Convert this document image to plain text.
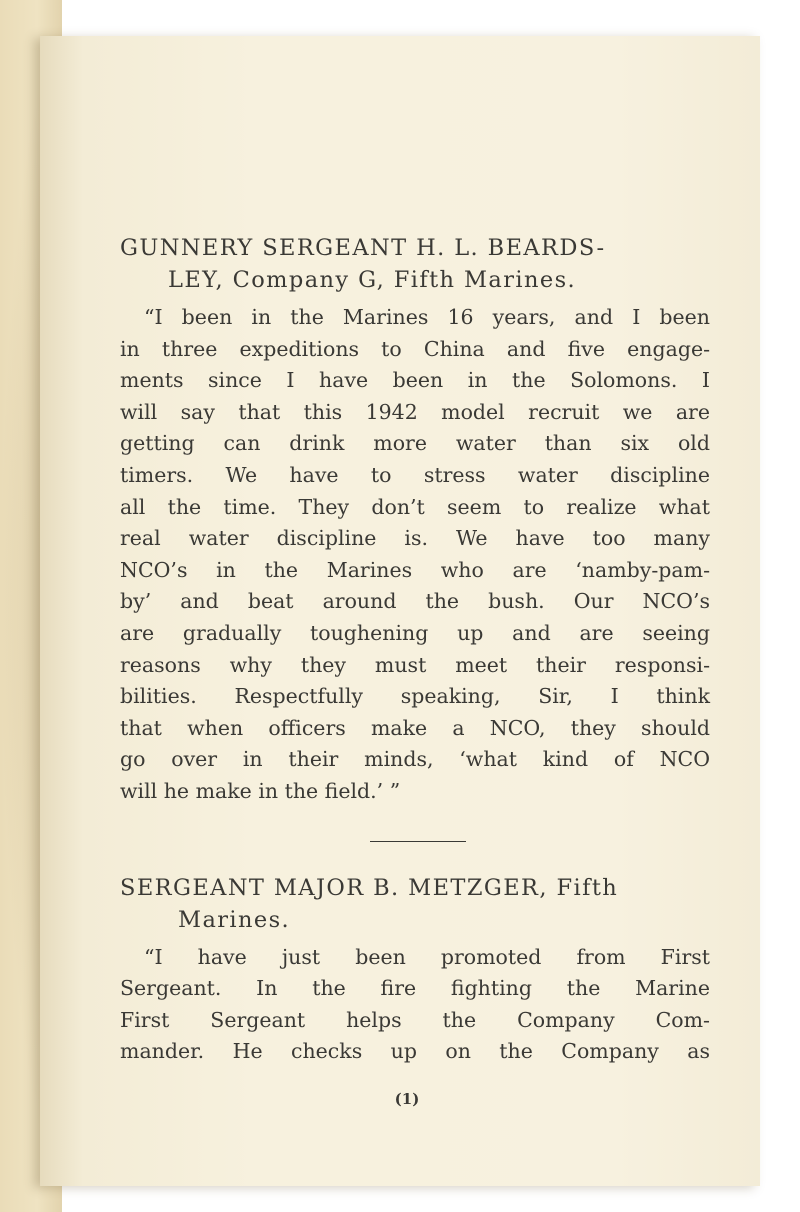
GUNNERY SERGEANT H. L. BEARDS-

LEY, Company G, Fifth Marines.

“I been in the Marines 16 years, and I been

in three expeditions to China and five engage-

ments since I have been in the Solomons. I

will say that this 1942 model recruit we are

getting can drink more water than six old

timers. We have to stress water discipline

all the time. They don’t seem to realize what

real water discipline is. We have too many

NCO’s in the Marines who are ‘namby-pam-

by’ and beat around the bush. Our NCO’s

are gradually toughening up and are seeing

reasons why they must meet their responsi-

bilities. Respectfully speaking, Sir, I think

that when officers make a NCO, they should

go over in their minds, ‘what kind of NCO

will he make in the field.’ ”

SERGEANT MAJOR B. METZGER, Fifth

Marines.

“I have just been promoted from First

Sergeant. In the fire fighting the Marine

First Sergeant helps the Company Com-

mander. He checks up on the Company as

(1)
